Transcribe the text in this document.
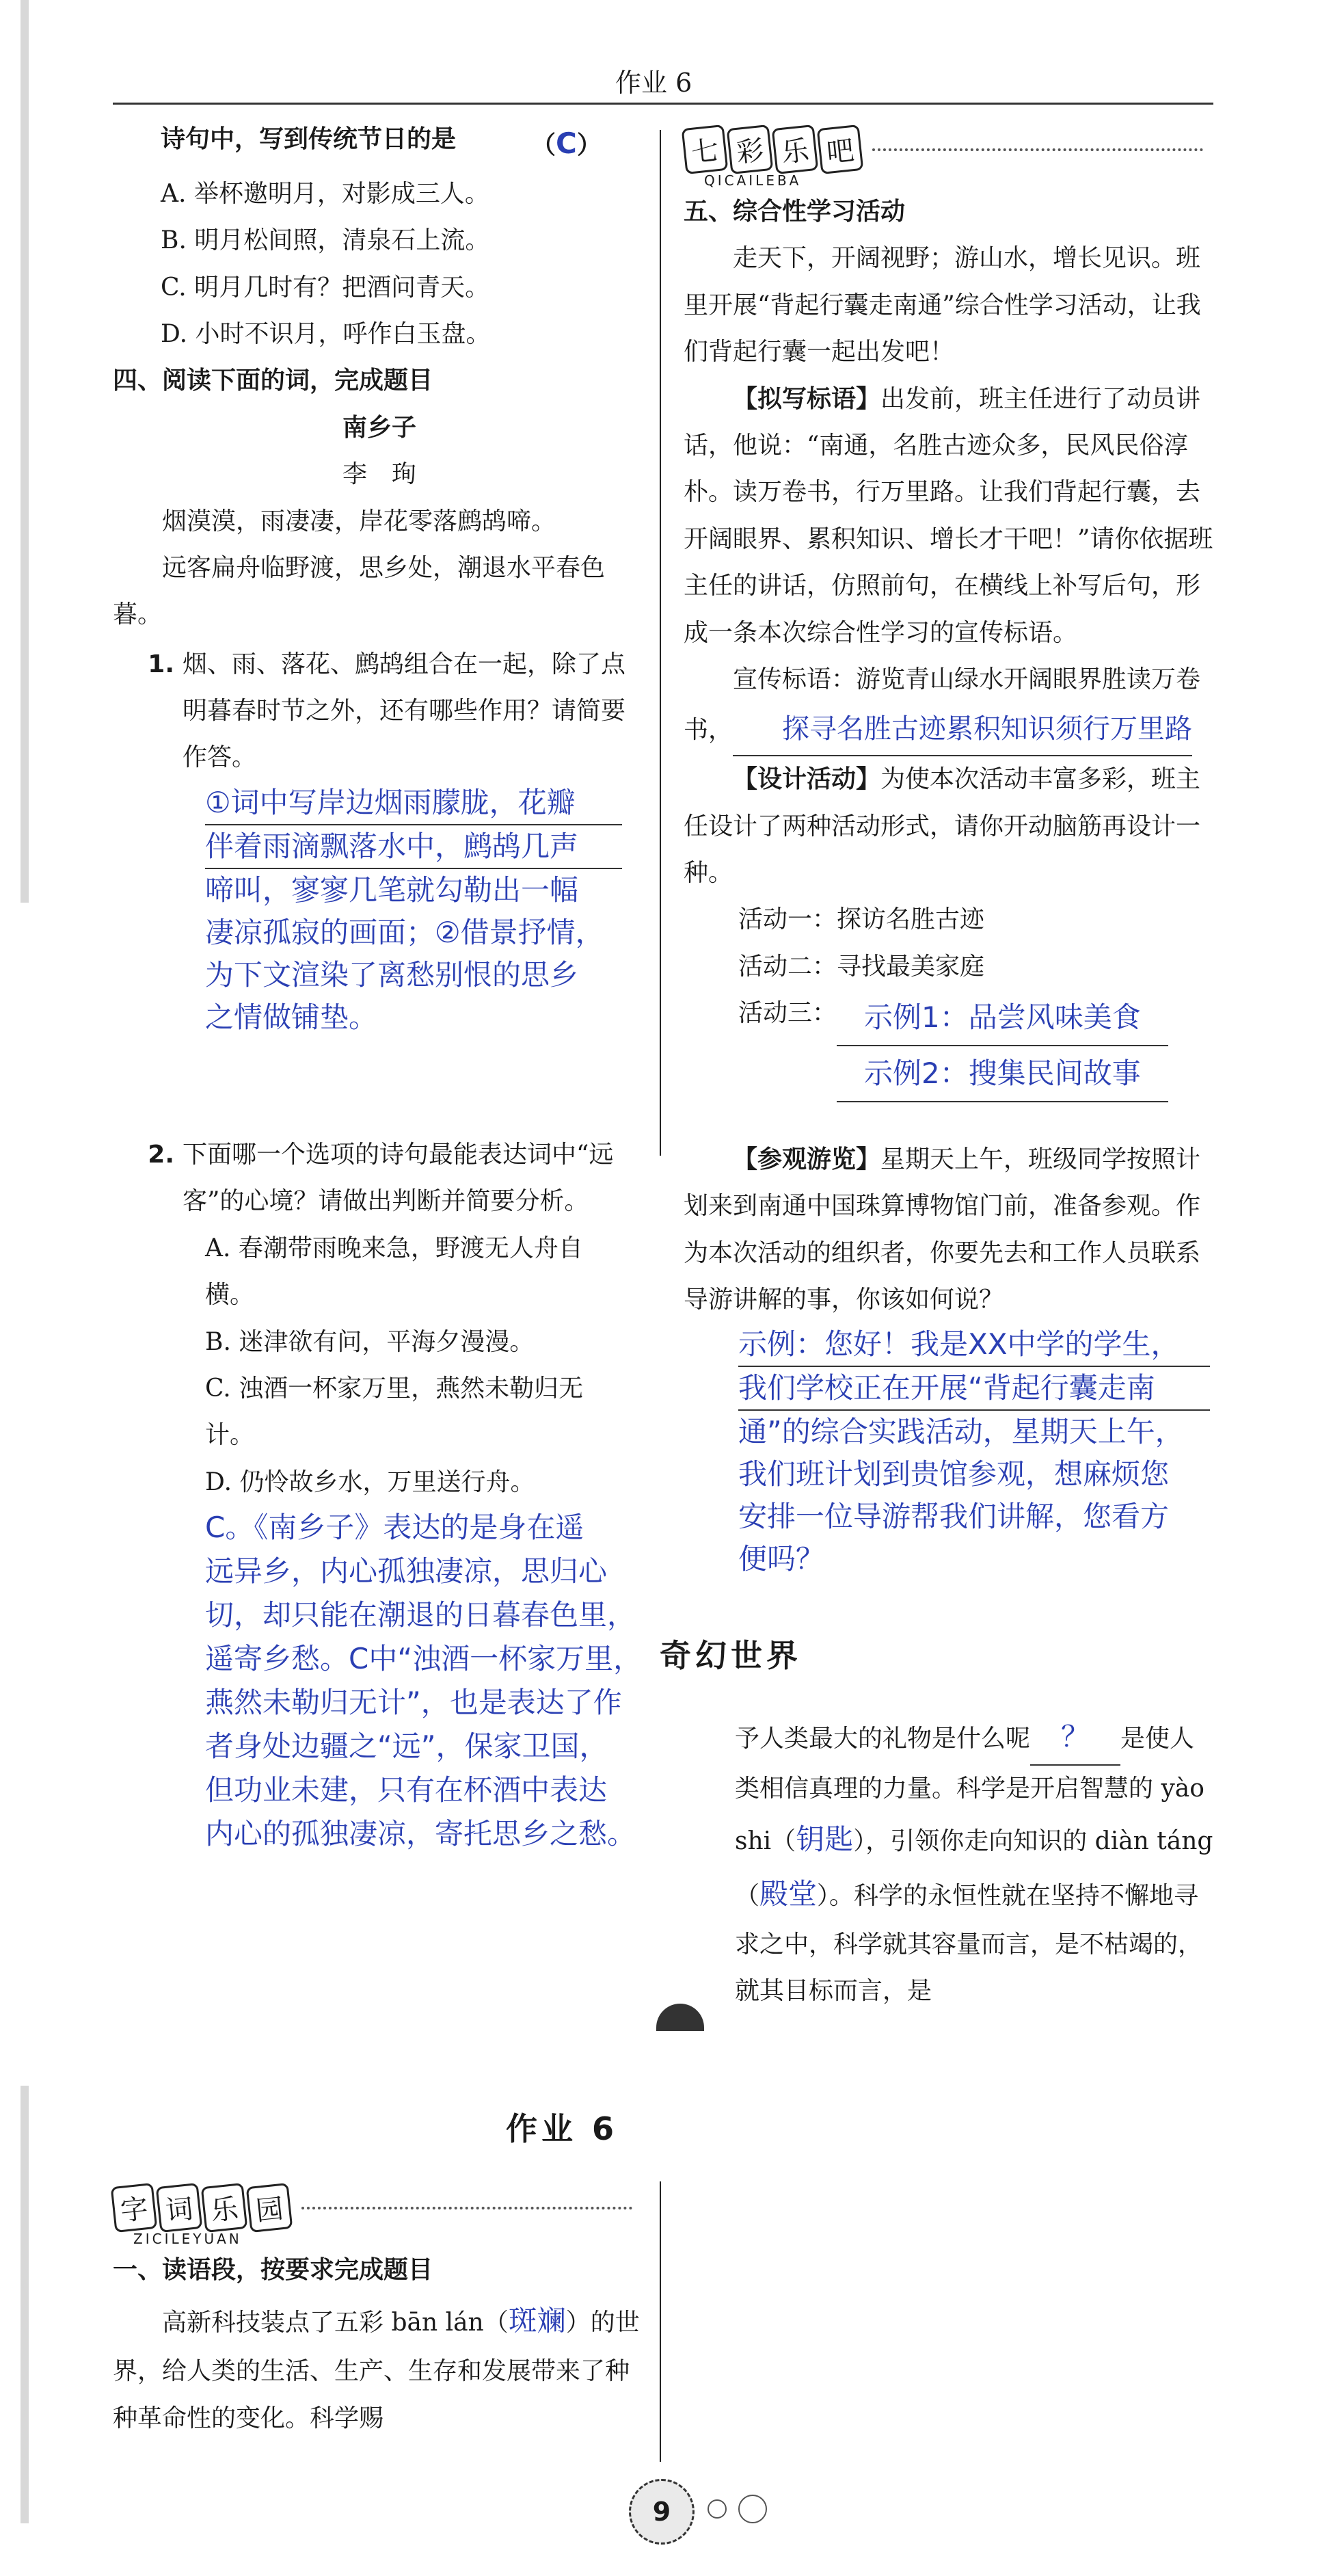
作业 6
诗句中，写到传统节日的是	（C）
A. 举杯邀明月，对影成三人。
B. 明月松间照，清泉石上流。
C. 明月几时有？把酒问青天。
D. 小时不识月，呼作白玉盘。
四、阅读下面的词，完成题目
南乡子
李　珣
烟漠漠，雨凄凄，岸花零落鹧鸪啼。
远客扁舟临野渡，思乡处，潮退水平春色暮。
1. 烟、雨、落花、鹧鸪组合在一起，除了点明暮春时节之外，还有哪些作用？请简要作答。
①词中写岸边烟雨朦胧，花瓣
伴着雨滴飘落水中，鹧鸪几声
啼叫，寥寥几笔就勾勒出一幅
凄凉孤寂的画面；②借景抒情，
为下文渲染了离愁别恨的思乡
之情做铺垫。
2. 下面哪一个选项的诗句最能表达词中“远客”的心境？请做出判断并简要分析。
A. 春潮带雨晚来急，野渡无人舟自横。
B. 迷津欲有问，平海夕漫漫。
C. 浊酒一杯家万里，燕然未勒归无计。
D. 仍怜故乡水，万里送行舟。
C。《南乡子》表达的是身在遥
远异乡，内心孤独凄凉，思归心
切，却只能在潮退的日暮春色里，
遥寄乡愁。C中“浊酒一杯家万里，
燕然未勒归无计”，也是表达了作
者身处边疆之“远”，保家卫国，
但功业未建，只有在杯酒中表达
内心的孤独凄凉，寄托思乡之愁。
七 彩 乐 吧
QICAILEBA
五、综合性学习活动
走天下，开阔视野；游山水，增长见识。班里开展“背起行囊走南通”综合性学习活动，让我们背起行囊一起出发吧！
【拟写标语】出发前，班主任进行了动员讲话，他说：“南通，名胜古迹众多，民风民俗淳朴。读万卷书，行万里路。让我们背起行囊，去开阔眼界、累积知识、增长才干吧！”请你依据班主任的讲话，仿照前句，在横线上补写后句，形成一条本次综合性学习的宣传标语。
宣传标语：游览青山绿水开阔眼界胜读万卷书， 探寻名胜古迹累积知识须行万里路
【设计活动】为使本次活动丰富多彩，班主任设计了两种活动形式，请你开动脑筋再设计一种。
活动一：探访名胜古迹
活动二：寻找最美家庭
活动三： 示例1：品尝风味美食
示例2：搜集民间故事
【参观游览】星期天上午，班级同学按照计划来到南通中国珠算博物馆门前，准备参观。作为本次活动的组织者，你要先去和工作人员联系导游讲解的事，你该如何说？
示例：您好！我是XX中学的学生，
我们学校正在开展“背起行囊走南
通”的综合实践活动，星期天上午，
我们班计划到贵馆参观，想麻烦您
安排一位导游帮我们讲解，您看方
便吗？
奇幻世界
予人类最大的礼物是什么呢 ？ 是使人类相信真理的力量。科学是开启智慧的 yào shi（钥匙），引领你走向知识的 diàn táng（殿堂）。科学的永恒性就在坚持不懈地寻求之中，科学就其容量而言，是不枯竭的，就其目标而言，是
作业 6
字 词 乐 园
ZICILEYUAN
一、读语段，按要求完成题目
高新科技装点了五彩 bān lán（斑斓）的世界，给人类的生活、生产、生存和发展带来了种种革命性的变化。科学赐
9
